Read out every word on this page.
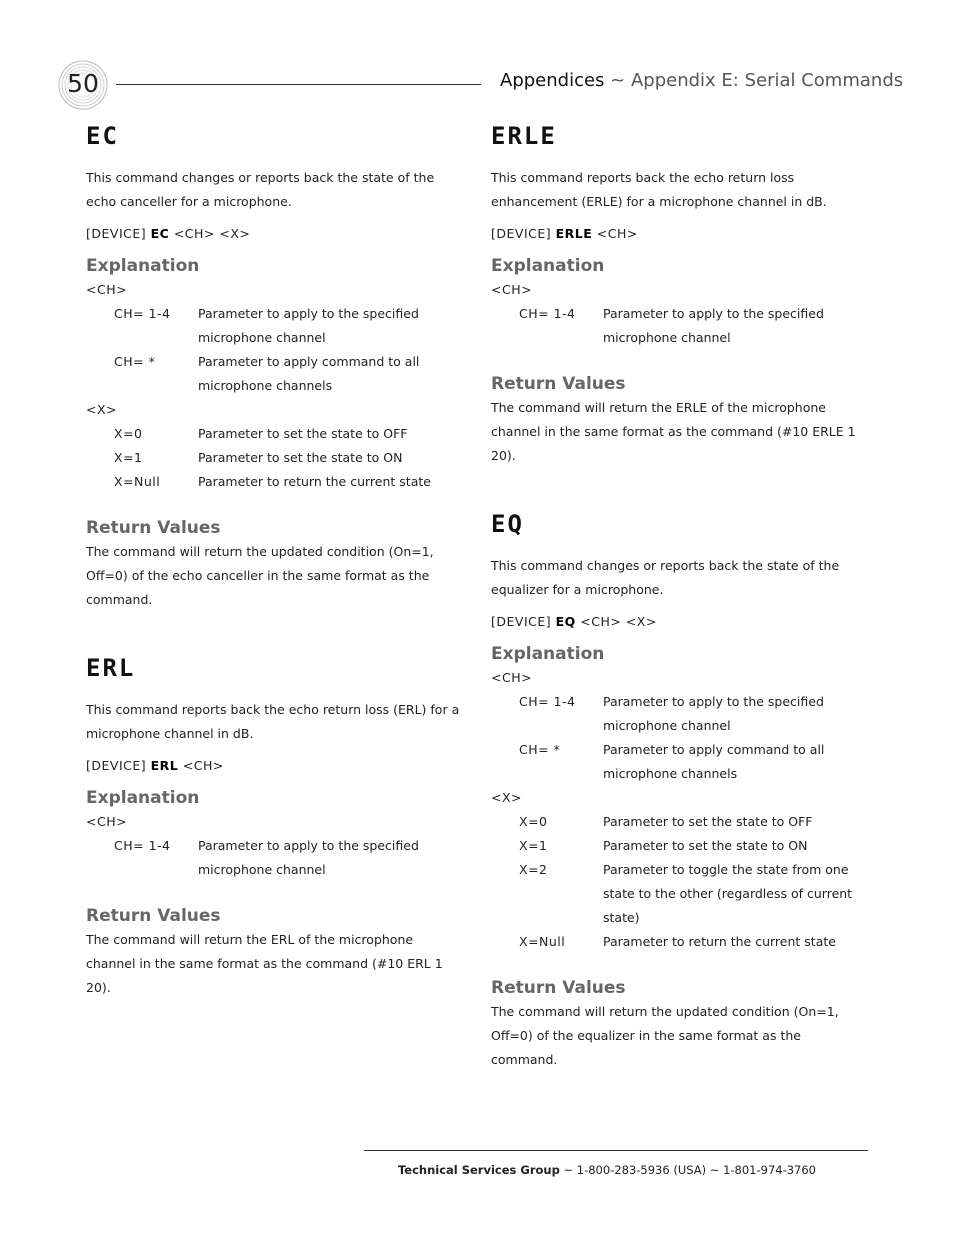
50	Appendices ~ Appendix E: Serial Commands
EC

This command changes or reports back the state of the echo canceller for a microphone.

[DEVICE] EC <CH> <X>

Explanation

<CH>

CH= 1-4	Parameter to apply to the specified microphone channel
CH= *	Parameter to apply command to all microphone channels

<X>

X=0	Parameter to set the state to OFF
X=1	Parameter to set the state to ON
X=Null	Parameter to return the current state
Return Values

The command will return the updated condition (On=1, Off=0) of the echo canceller in the same format as the command.

ERL

This command reports back the echo return loss (ERL) for a microphone channel in dB.

[DEVICE] ERL <CH>

Explanation

<CH>

CH= 1-4	Parameter to apply to the specified microphone channel
Return Values

The command will return the ERL of the microphone channel in the same format as the command (#10 ERL 1 20).

ERLE

This command reports back the echo return loss enhancement (ERLE) for a microphone channel in dB.

[DEVICE] ERLE <CH>

Explanation

<CH>

CH= 1-4	Parameter to apply to the specified microphone channel
Return Values

The command will return the ERLE of the microphone channel in the same format as the command (#10 ERLE 1 20).

EQ

This command changes or reports back the state of the equalizer for a microphone.

[DEVICE] EQ <CH> <X>

Explanation

<CH>

CH= 1-4	Parameter to apply to the specified microphone channel
CH= *	Parameter to apply command to all microphone channels

<X>

X=0	Parameter to set the state to OFF
X=1	Parameter to set the state to ON
X=2	Parameter to toggle the state from one state to the other (regardless of current state)
X=Null	Parameter to return the current state
Return Values

The command will return the updated condition (On=1, Off=0) of the equalizer in the same format as the command.

Technical Services Group ~ 1-800-283-5936 (USA) ~ 1-801-974-3760
